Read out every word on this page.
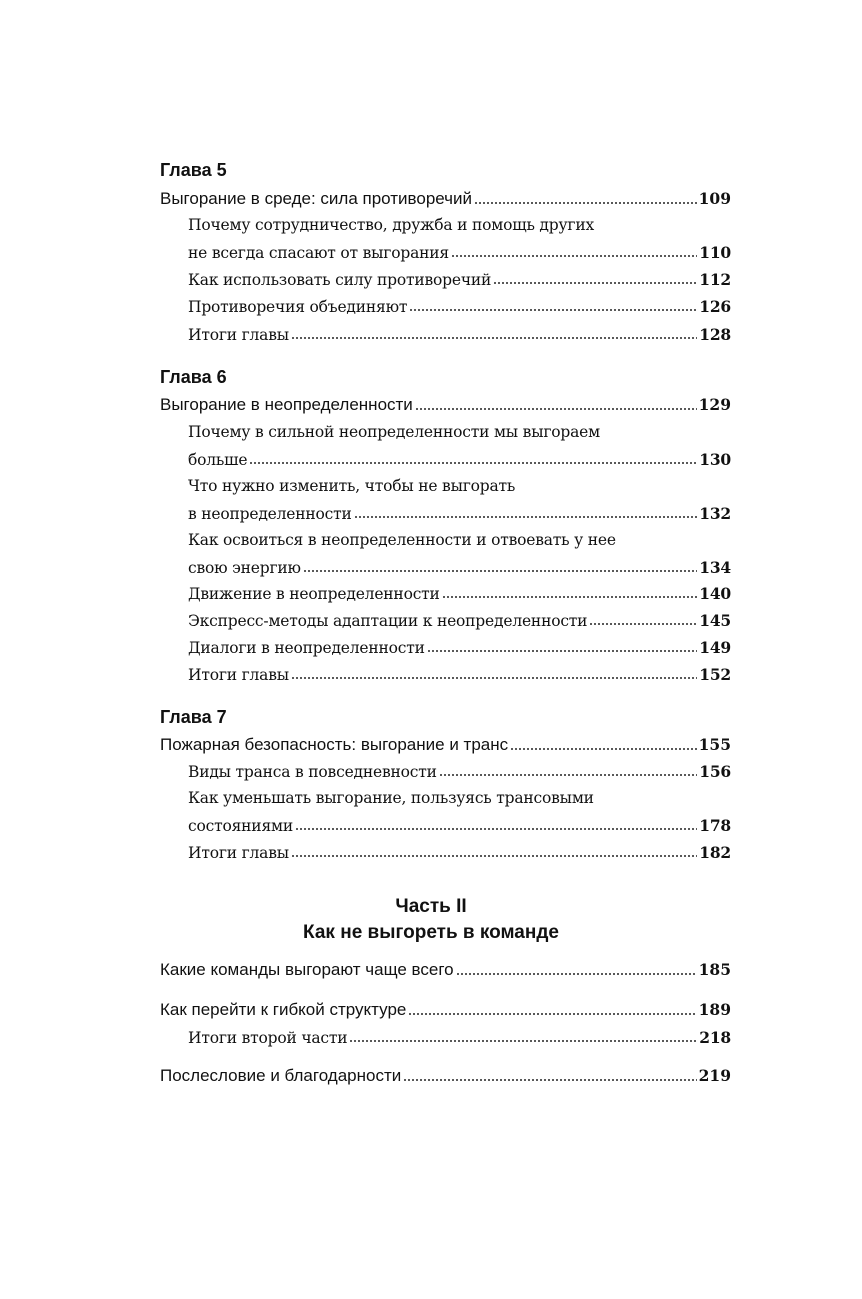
Глава 5
Выгорание в среде: сила противоречий	109
Почему сотрудничество, дружба и помощь других
не всегда спасают от выгорания	110
Как использовать силу противоречий	112
Противоречия объединяют	126
Итоги главы	128
Глава 6
Выгорание в неопределенности	129
Почему в сильной неопределенности мы выгораем
больше	130
Что нужно изменить, чтобы не выгорать
в неопределенности	132
Как освоиться в неопределенности и отвоевать у нее
свою энергию	134
Движение в неопределенности	140
Экспресс-методы адаптации к неопределенности	145
Диалоги в неопределенности	149
Итоги главы	152
Глава 7
Пожарная безопасность: выгорание и транс	155
Виды транса в повседневности	156
Как уменьшать выгорание, пользуясь трансовыми
состояниями	178
Итоги главы	182
Часть II
Как не выгореть в команде
Какие команды выгорают чаще всего	185
Как перейти к гибкой структуре	189
Итоги второй части	218
Послесловие и благодарности	219
